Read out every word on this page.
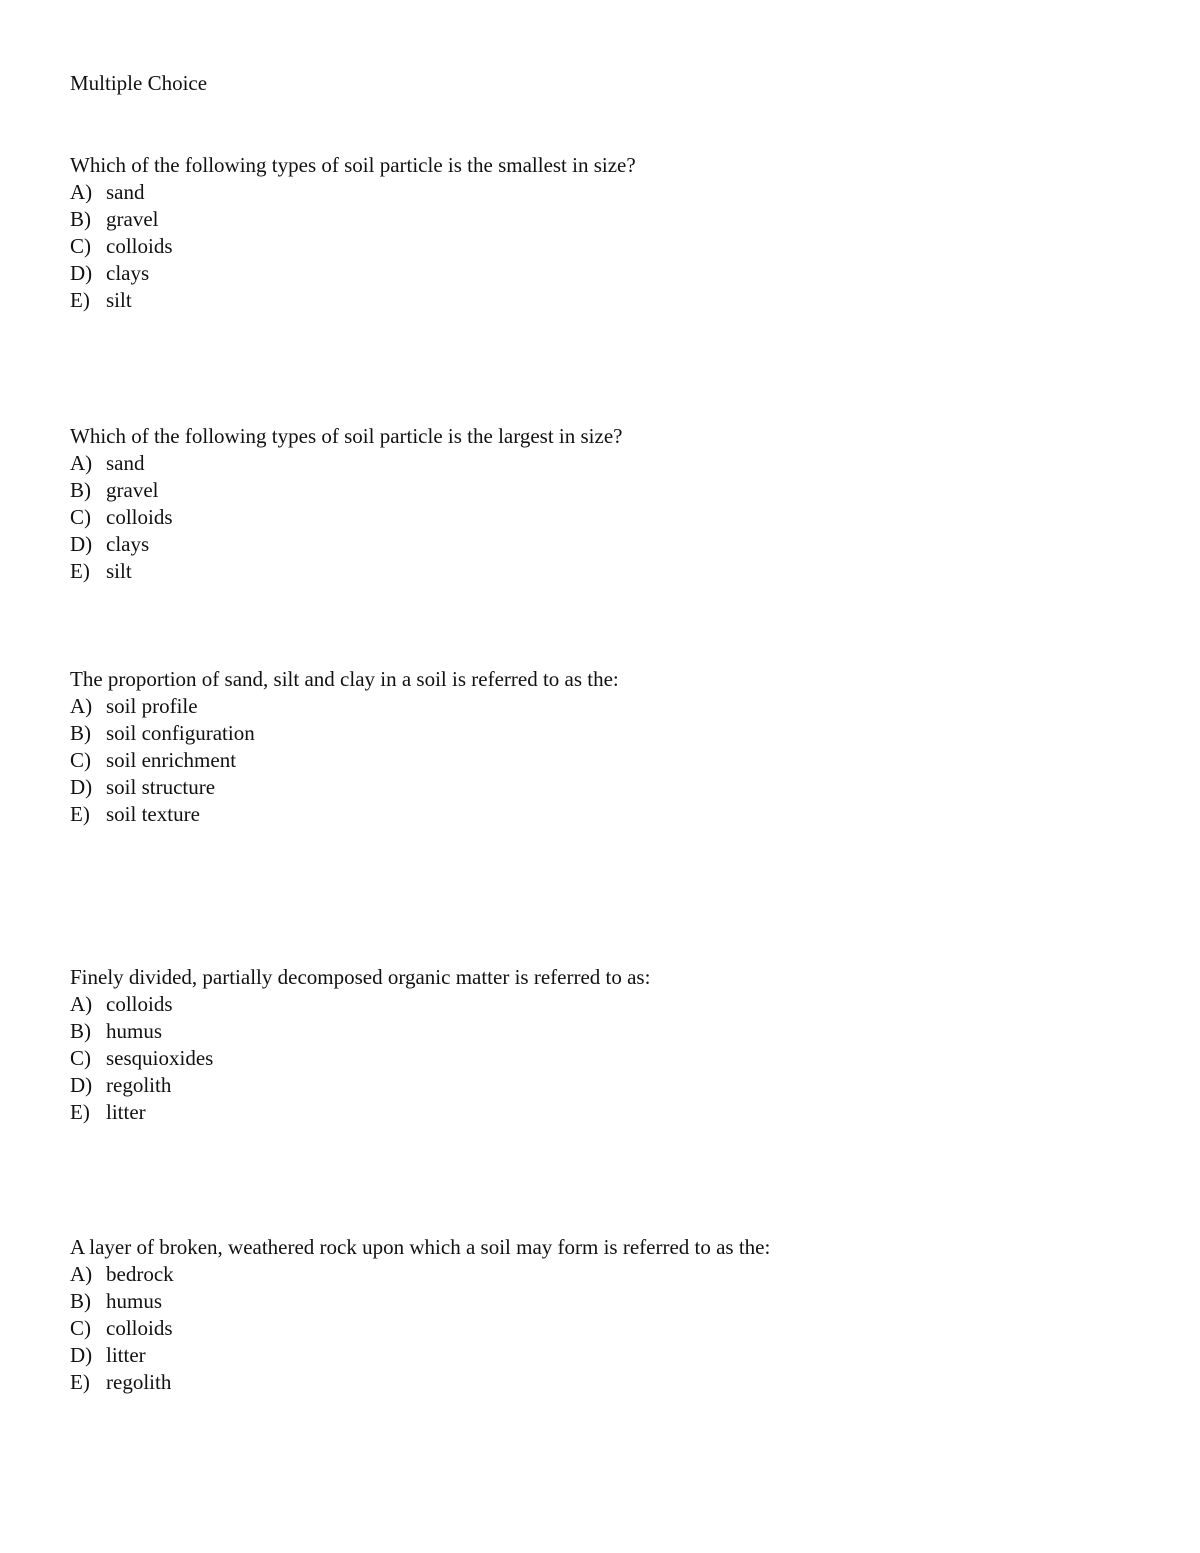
Multiple Choice
Which of the following types of soil particle is the smallest in size?
A) sand
B) gravel
C) colloids
D) clays
E) silt
Which of the following types of soil particle is the largest in size?
A) sand
B) gravel
C) colloids
D) clays
E) silt
The proportion of sand, silt and clay in a soil is referred to as the:
A) soil profile
B) soil configuration
C) soil enrichment
D) soil structure
E) soil texture
Finely divided, partially decomposed organic matter is referred to as:
A) colloids
B) humus
C) sesquioxides
D) regolith
E) litter
A layer of broken, weathered rock upon which a soil may form is referred to as the:
A) bedrock
B) humus
C) colloids
D) litter
E) regolith
